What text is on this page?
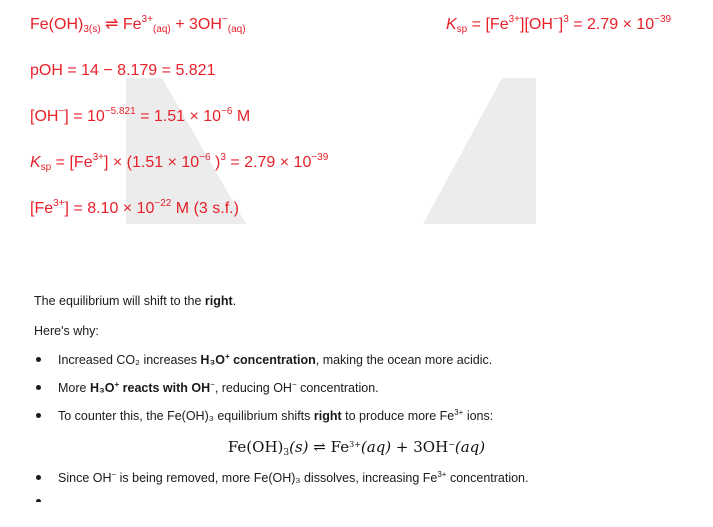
$Fe(OH)_{3(s)}$ ⇌ $Fe^{3+}_{(aq)} + 3OH^-_{(aq)}$	$K_{sp} = [Fe^{3+}][OH^-]^3 = 2.79 \times 10^{-39}$
pOH = 14 − 8.179 = 5.821
$[OH^-] = 10^{-5.821} = 1.51 \times 10^{-6}$ M
$K_{sp} = [Fe^{3+}] \times (1.51 \times 10^{-6}$ )$^3 = 2.79 \times 10^{-39}$
$[Fe^{3+}] = 8.10 \times 10^{-22}$ M (3 s.f.)

The equilibrium will shift to the right.

Here's why:

Increased CO₂ increases H₃O+ concentration, making the ocean more acidic.
More H₃O+ reacts with OH−, reducing OH− concentration.
To counter this, the Fe(OH)₃ equilibrium shifts right to produce more $Fe^{3+}$ ions:
$Fe(OH)_3(s)$ ⇌ $Fe^{3+}(aq) + 3OH^-(aq)$
Since OH− is being removed, more Fe(OH)₃ dissolves, increasing $Fe^{3+}$ concentration.
